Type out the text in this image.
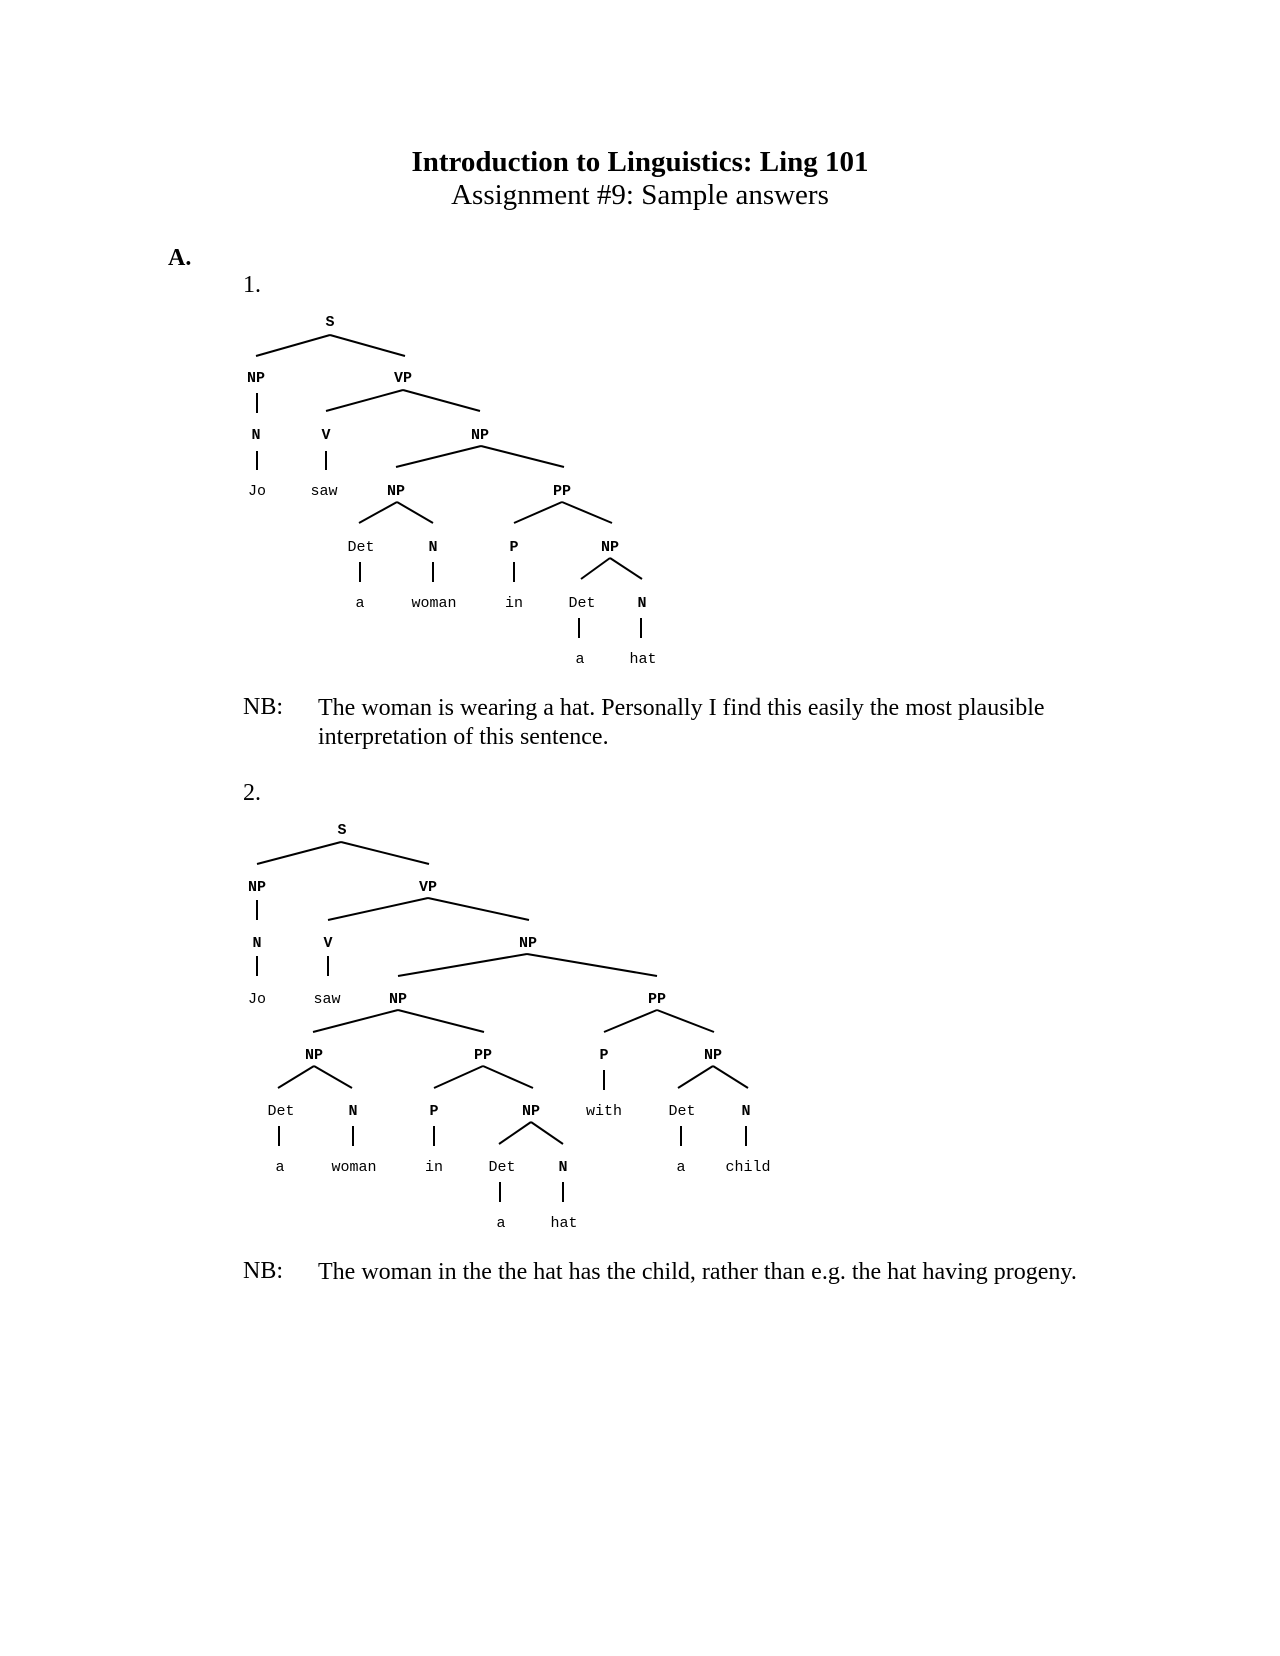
Introduction to Linguistics: Ling 101
Assignment #9: Sample answers
A.
1.
S
NP	VP
N	V	NP
Jo	saw	NP	PP
Det	N	P	NP
a	woman	in	Det	N
a	hat
NB: The woman is wearing a hat. Personally I find this easily the most plausible interpretation of this sentence.
2.
S
NP	VP
N	V	NP
Jo	saw	NP	PP
NP	PP	P	NP
Det	N	P	NP	with	Det	N
a	woman	in	Det	N	a	child
a	hat
NB: The woman in the the hat has the child, rather than e.g. the hat having progeny.
